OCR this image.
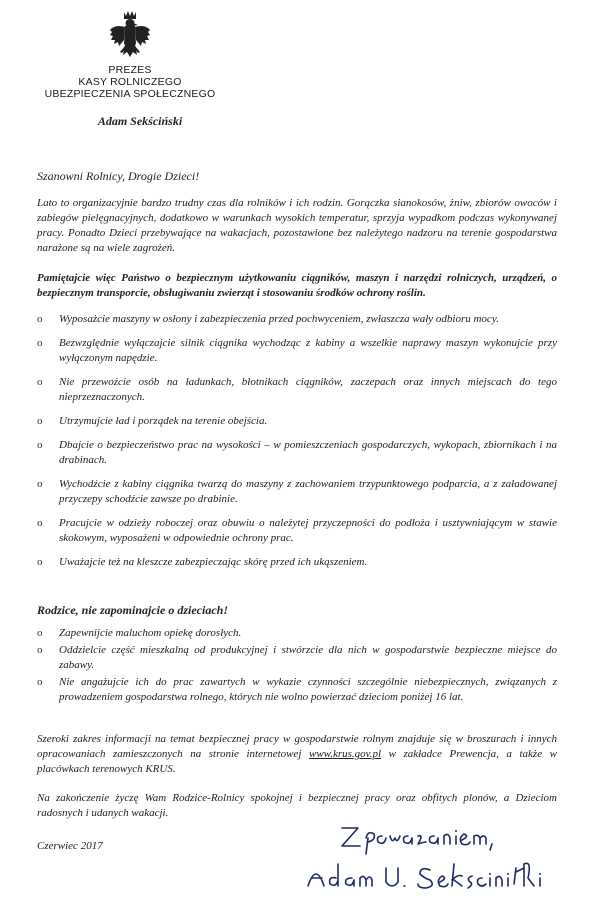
PREZES
KASY ROLNICZEGO
UBEZPIECZENIA SPOŁECZNEGO
Adam Sekściński
Szanowni Rolnicy, Drogie Dzieci!
Lato to organizacyjnie bardzo trudny czas dla rolników i ich rodzin. Gorączka sianokosów, żniw, zbiorów owoców i zabiegów pielęgnacyjnych, dodatkowo w warunkach wysokich temperatur, sprzyja wypadkom podczas wykonywanej pracy. Ponadto Dzieci przebywające na wakacjach, pozostawione bez należytego nadzoru na terenie gospodarstwa narażone są na wiele zagrożeń.
Pamiętajcie więc Państwo o bezpiecznym użytkowaniu ciągników, maszyn i narzędzi rolniczych, urządzeń, o bezpiecznym transporcie, obsługiwaniu zwierząt i stosowaniu środków ochrony roślin.
o Wyposażcie maszyny w osłony i zabezpieczenia przed pochwyceniem, zwłaszcza wały odbioru mocy.
o Bezwzględnie wyłączajcie silnik ciągnika wychodząc z kabiny a wszelkie naprawy maszyn wykonujcie przy wyłączonym napędzie.
o Nie przewoźcie osób na ładunkach, błotnikach ciągników, zaczepach oraz innych miejscach do tego nieprzeznaczonych.
o Utrzymujcie ład i porządek na terenie obejścia.
o Dbajcie o bezpieczeństwo prac na wysokości – w pomieszczeniach gospodarczych, wykopach, zbiornikach i na drabinach.
o Wychodźcie z kabiny ciągnika twarzą do maszyny z zachowaniem trzypunktowego podparcia, a z załadowanej przyczepy schodźcie zawsze po drabinie.
o Pracujcie w odzieży roboczej oraz obuwiu o należytej przyczepności do podłoża i usztywniającym w stawie skokowym, wyposażeni w odpowiednie ochrony prac.
o Uważajcie też na kleszcze zabezpieczając skórę przed ich ukąszeniem.
Rodzice, nie zapominajcie o dzieciach!
o Zapewnijcie maluchom opiekę dorosłych.
o Oddzielcie część mieszkalną od produkcyjnej i stwórzcie dla nich w gospodarstwie bezpieczne miejsce do zabawy.
o Nie angażujcie ich do prac zawartych w wykazie czynności szczególnie niebezpiecznych, związanych z prowadzeniem gospodarstwa rolnego, których nie wolno powierzać dzieciom poniżej 16 lat.
Szeroki zakres informacji na temat bezpiecznej pracy w gospodarstwie rolnym znajduje się w broszurach i innych opracowaniach zamieszczonych na stronie internetowej www.krus.gov.pl w zakładce Prewencja, a także w placówkach terenowych KRUS.
Na zakończenie życzę Wam Rodzice-Rolnicy spokojnej i bezpiecznej pracy oraz obfitych plonów, a Dzieciom radosnych i udanych wakacji.
Czerwiec 2017
